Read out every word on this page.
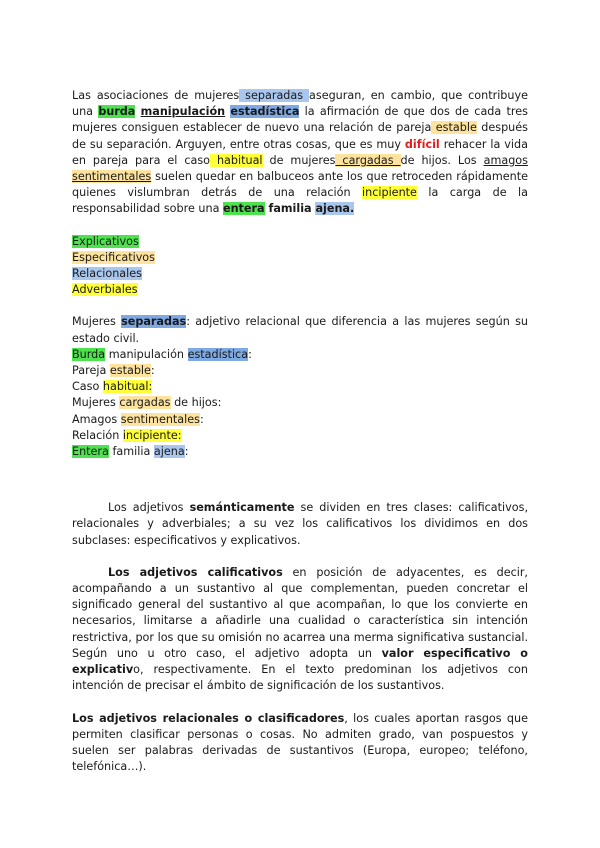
Las asociaciones de mujeres separadas aseguran, en cambio, que contribuye una burda manipulación estadística la afirmación de que dos de cada tres mujeres consiguen establecer de nuevo una relación de pareja estable después de su separación. Arguyen, entre otras cosas, que es muy difícil rehacer la vida en pareja para el caso habitual de mujeres cargadas de hijos. Los amagos sentimentales suelen quedar en balbuceos ante los que retroceden rápidamente quienes vislumbran detrás de una relación incipiente la carga de la responsabilidad sobre una entera familia ajena.

Explicativos

Especificativos

Relacionales

Adverbiales

Mujeres separadas: adjetivo relacional que diferencia a las mujeres según su estado civil.

Burda manipulación estadística:

Pareja estable:

Caso habitual:

Mujeres cargadas de hijos:

Amagos sentimentales:

Relación incipiente:

Entera familia ajena:

Los adjetivos semánticamente se dividen en tres clases: calificativos, relacionales y adverbiales; a su vez los calificativos los dividimos en dos subclases: especificativos y explicativos.

Los adjetivos calificativos en posición de adyacentes, es decir, acompañando a un sustantivo al que complementan, pueden concretar el significado general del sustantivo al que acompañan, lo que los convierte en necesarios, limitarse a añadirle una cualidad o característica sin intención restrictiva, por los que su omisión no acarrea una merma significativa sustancial. Según uno u otro caso, el adjetivo adopta un valor especificativo o explicativo, respectivamente. En el texto predominan los adjetivos con intención de precisar el ámbito de significación de los sustantivos.

Los adjetivos relacionales o clasificadores, los cuales aportan rasgos que permiten clasificar personas o cosas. No admiten grado, van pospuestos y suelen ser palabras derivadas de sustantivos (Europa, europeo; teléfono, telefónica…).
